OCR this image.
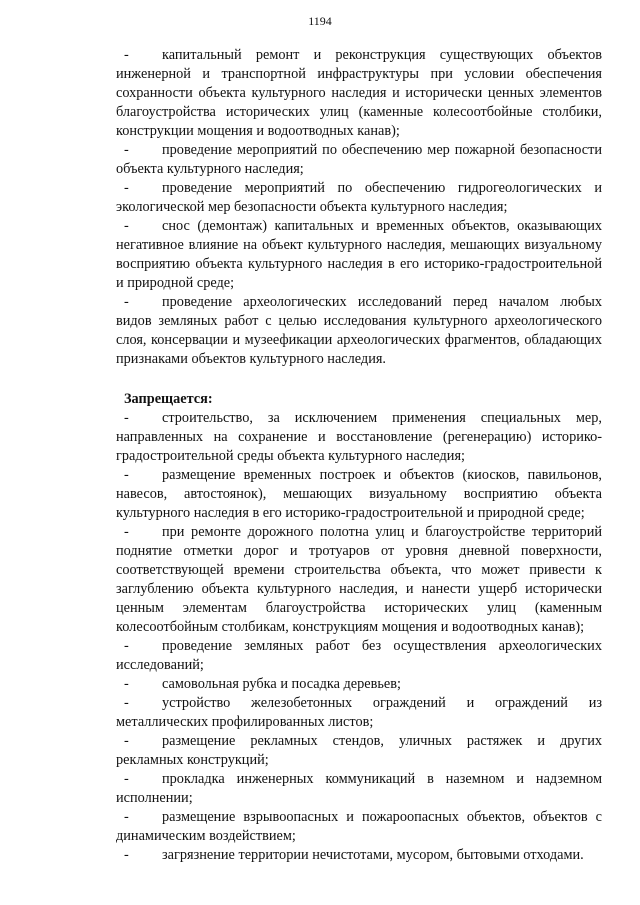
1194

- капитальный ремонт и реконструкция существующих объектов инженерной и транспортной инфраструктуры при условии обеспечения сохранности объекта культурного наследия и исторически ценных элементов благоустройства исторических улиц (каменные колесоотбойные столбики, конструкции мощения и водоотводных канав);

- проведение мероприятий по обеспечению мер пожарной безопасности объекта культурного наследия;

- проведение мероприятий по обеспечению гидрогеологических и экологической мер безопасности объекта культурного наследия;

- снос (демонтаж) капитальных и временных объектов, оказывающих негативное влияние на объект культурного наследия, мешающих визуальному восприятию объекта культурного наследия в его историко-градостроительной и природной среде;

- проведение археологических исследований перед началом любых видов земляных работ с целью исследования культурного археологического слоя, консервации и музеефикации археологических фрагментов, обладающих признаками объектов культурного наследия.

Запрещается:

- строительство, за исключением применения специальных мер, направленных на сохранение и восстановление (регенерацию) историко-градостроительной среды объекта культурного наследия;

- размещение временных построек и объектов (киосков, павильонов, навесов, автостоянок), мешающих визуальному восприятию объекта культурного наследия в его историко-градостроительной и природной среде;

- при ремонте дорожного полотна улиц и благоустройстве территорий поднятие отметки дорог и тротуаров от уровня дневной поверхности, соответствующей времени строительства объекта, что может привести к заглублению объекта культурного наследия, и нанести ущерб исторически ценным элементам благоустройства исторических улиц (каменным колесоотбойным столбикам, конструкциям мощения и водоотводных канав);

- проведение земляных работ без осуществления археологических исследований;

- самовольная рубка и посадка деревьев;

- устройство железобетонных ограждений и ограждений из металлических профилированных листов;

- размещение рекламных стендов, уличных растяжек и других рекламных конструкций;

- прокладка инженерных коммуникаций в наземном и надземном исполнении;

- размещение взрывоопасных и пожароопасных объектов, объектов с динамическим воздействием;

- загрязнение территории нечистотами, мусором, бытовыми отходами.
